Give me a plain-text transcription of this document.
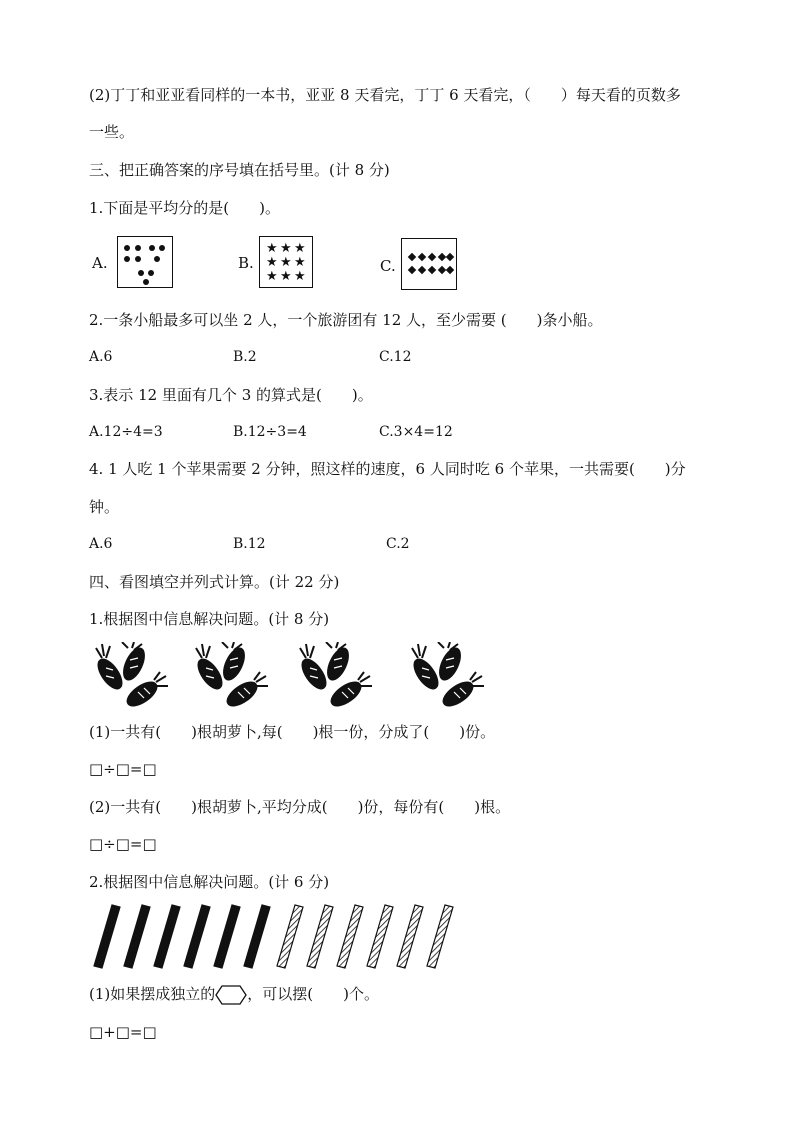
(2)丁丁和亚亚看同样的一本书，亚亚 8 天看完，丁丁 6 天看完，（　　）每天看的页数多
一些。
三、把正确答案的序号填在括号里。(计 8 分)
1.下面是平均分的是(　　)。
A.	B.
★ ★ ★
★ ★ ★
★ ★ ★
C.
2.一条小船最多可以坐 2 人，一个旅游团有 12 人，至少需要 (　　)条小船。
A.6	B.2	C.12
3.表示 12 里面有几个 3 的算式是(　　)。
A.12÷4=3	B.12÷3=4	C.3×4=12
4. 1 人吃 1 个苹果需要 2 分钟，照这样的速度，6 人同时吃 6 个苹果，一共需要(　　)分
钟。
A.6	B.12	C.2
四、看图填空并列式计算。(计 22 分)
1.根据图中信息解决问题。(计 8 分)
(1)一共有(　　)根胡萝卜,每(　　)根一份，分成了(　　)份。
□÷□=□
(2)一共有(　　)根胡萝卜,平均分成(　　)份，每份有(　　)根。
□÷□=□
2.根据图中信息解决问题。(计 6 分)
(1)如果摆成独立的 ，可以摆(　　)个。
□+□=□
